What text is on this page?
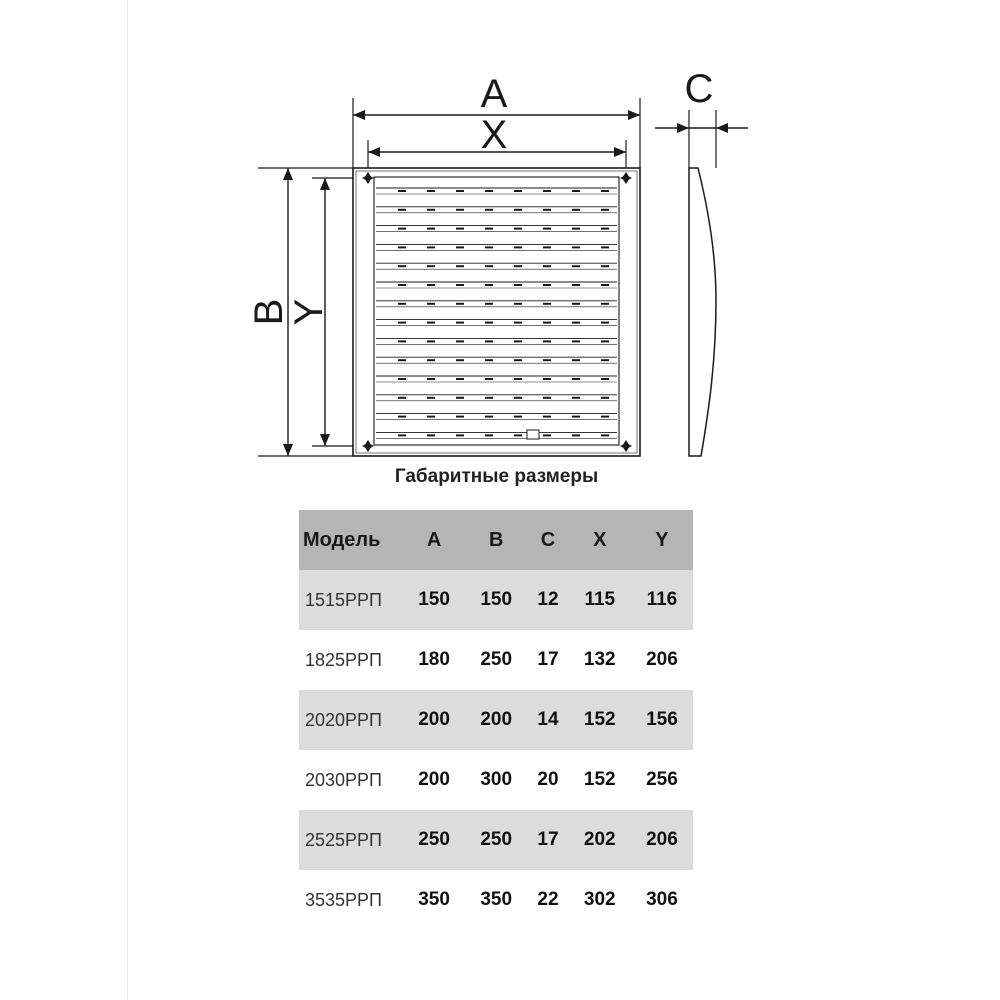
A
X
C
B
Y
Габаритные размеры
Модель	A	B	C	X	Y
1515РРП	150	150	12	115	116
1825РРП	180	250	17	132	206
2020РРП	200	200	14	152	156
2030РРП	200	300	20	152	256
2525РРП	250	250	17	202	206
3535РРП	350	350	22	302	306
